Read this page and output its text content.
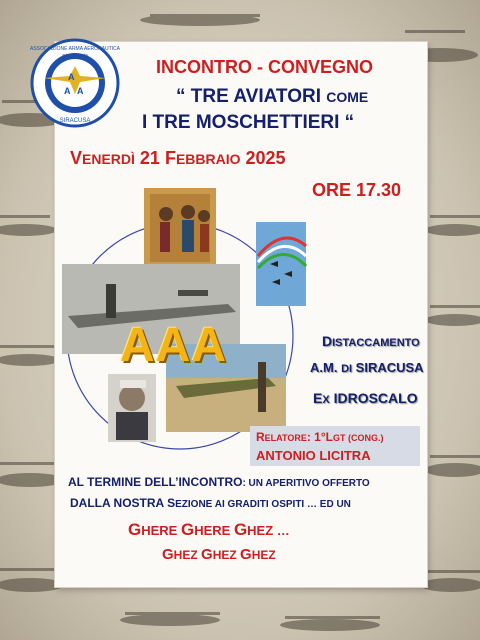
A
A A
ASSOCIAZIONE ARMA AERONAUTICA
aviatori d'Italia
SIRACUSA
INCONTRO - CONVEGNO
“ TRE AVIATORI COME
I TRE MOSCHETTIERI “
VENERDÌ 21 FEBBRAIO 2025
ORE 17.30
AAA	DISTACCAMENTO
A.M. DI SIRACUSA
EX IDROSCALO
RELATORE: 1°LGT (CONG.)
ANTONIO LICITRA
AL TERMINE DELL’INCONTRO: UN APERITIVO OFFERTO
DALLA NOSTRA SEZIONE AI GRADITI OSPITI … ED UN
GHERE GHERE GHEZ …
GHEZ GHEZ GHEZ
